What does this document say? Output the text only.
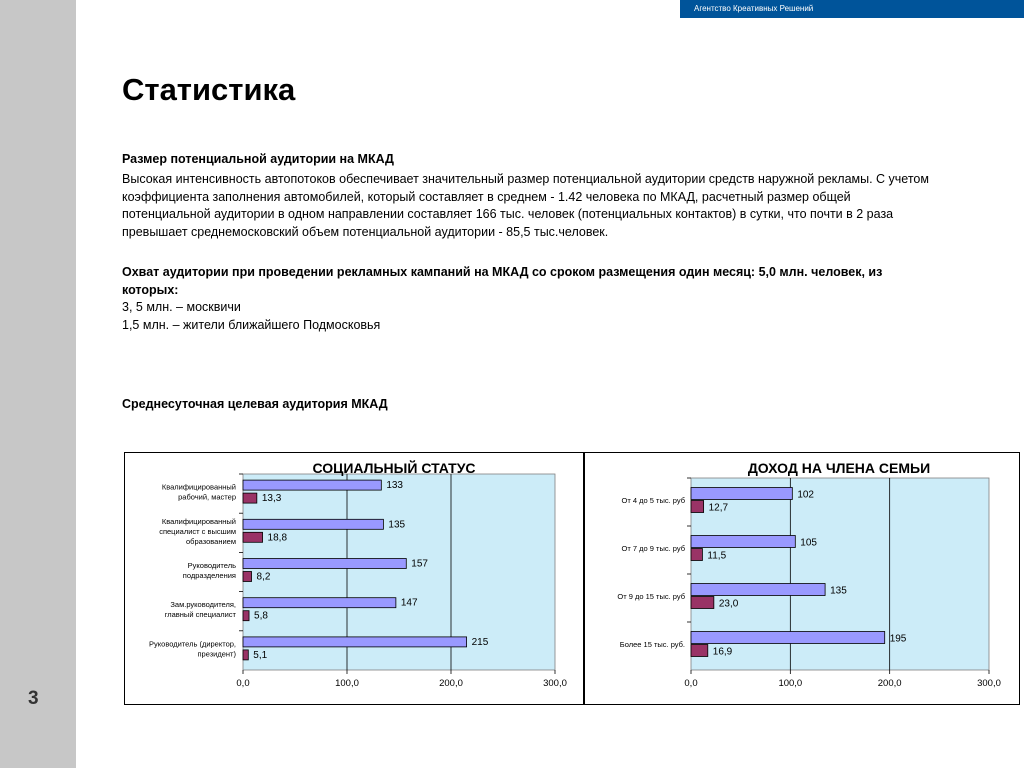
3
Агентство Креативных Решений
Статистика
Размер потенциальной аудитории на МКАД
Высокая интенсивность автопотоков обеспечивает значительный размер потенциальной аудитории средств наружной рекламы. С учетом коэффициента заполнения автомобилей, который составляет в среднем - 1.42 человека по МКАД, расчетный размер общей потенциальной аудитории в одном направлении составляет 166 тыс. человек (потенциальных контактов) в сутки, что почти в 2 раза превышает среднемосковский объем потенциальной аудитории - 85,5 тыс.человек.
Охват аудитории при проведении рекламных кампаний на МКАД со сроком размещения один месяц: 5,0 млн. человек, из которых:
3, 5 млн. – москвичи
1,5 млн. – жители ближайшего Подмосковья
Среднесуточная целевая аудитория МКАД
0,0	100,0	200,0	300,0
СОЦИАЛЬНЫЙ СТАТУС
Квалифицированный рабочий, мастер
133
13,3
Квалифицированный специалист с высшим образованием
135
18,8
Руководитель подразделения
157
8,2
Зам.руководителя, главный специалист
147
5,8
Руководитель (директор, президент)
215
5,1
0,0	100,0	200,0	300,0
ДОХОД НА ЧЛЕНА СЕМЬИ
От 4 до 5 тыс. руб	102
12,7
От 7 до 9 тыс. руб	105
11,5
От 9 до 15 тыс. руб	135
23,0
Более 15 тыс. руб.	195
16,9
